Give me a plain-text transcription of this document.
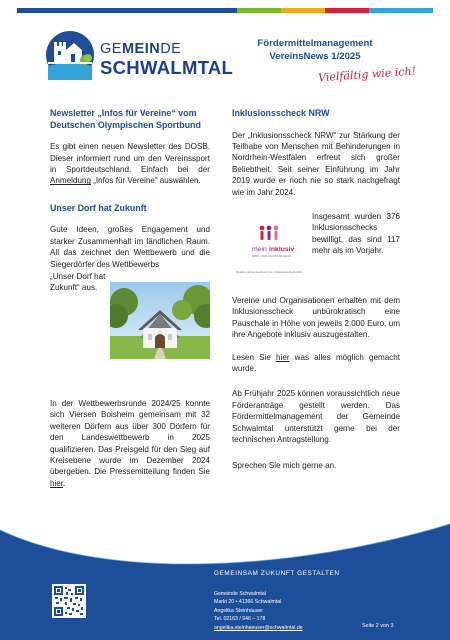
GEMEINDE
SCHWALMTAL
Fördermittelmanagement
VereinsNews 1/2025
Vielfältig wie ich!
Newsletter „Infos für Vereine“ vom Deutschen Olympischen Sportbund

Es gibt einen neuen Newsletter des DOSB. Dieser informiert rund um den Vereinssport in Sportdeutschland. Einfach bei der Anmeldung „Infos für Vereine“ auswählen.

Unser Dorf hat Zukunft

Gute Ideen, großes Engagement und starker Zusammenhalt im ländlichen Raum. All das zeichnet den Wettbewerb und die Siegerdörfer des Wettbewerbs

„Unser Dorf hat Zukunft“ aus.

In der Wettbewerbsrunde 2024/25 konnte sich Viersen Boisheim gemeinsam mit 32 weiteren Dörfern aus über 300 Dörfern für den Landeswettbewerb in 2025 qualifizieren. Das Preisgeld für den Sieg auf Kreisebene wurde im Dezember 2024 übergeben. Die Pressemitteilung finden Sie hier.

Inklusionsscheck NRW

Der „Inklusionsscheck NRW“ zur Stärkung der Teilhabe von Menschen mit Behinderungen in Nordrhein-Westfalen erfreut sich großer Beliebtheit. Seit seiner Einführung im Jahr 2019 wurde er noch nie so stark nachgefragt wie im Jahr 2024.

mein inklusiv
NRW • INKLUSIONSSCHECK
Quelle: inklusionsscheck.nrw / Inklusionsscheck 2024
Insgesamt wurden 376 Inklusionsschecks bewilligt, das sind 117 mehr als im Vorjahr.

Vereine und Organisationen erhalten mit dem Inklusionsscheck unbürokratisch eine Pauschale in Höhe von jeweils 2.000 Euro, um ihre Angebote inklusiv auszugestalten.

Lesen Sie hier was alles möglich gemacht wurde.

Ab Frühjahr 2025 können voraussichtlich neue Förderanträge gestellt werden. Das Fördermittelmanagement der Gemeinde Schwalmtal unterstützt gerne bei der technischen Antragstellung.

Sprechen Sie mich gerne an.

GEMEINSAM ZUKUNFT GESTALTEN
Gemeinde Schwalmtal
Markt 20 • 41366 Schwalmtal
Angelika Steinhäuser
Tel. 02163 / 946 – 178
angelika.steinhaeuser@schwalmtal.de	Seite 2 von 3
